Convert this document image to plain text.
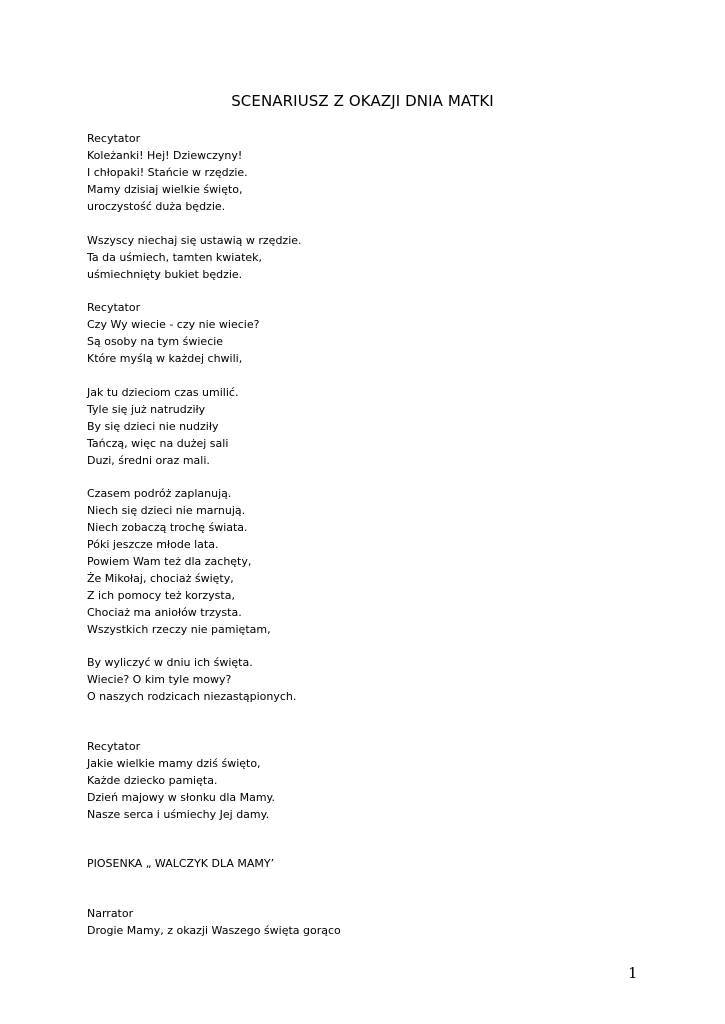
SCENARIUSZ Z OKAZJI DNIA MATKI
Recytator
Koleżanki! Hej! Dziewczyny!
I chłopaki! Stańcie w rzędzie.
Mamy dzisiaj wielkie święto,
uroczystość duża będzie.
Wszyscy niechaj się ustawią w rzędzie.
Ta da uśmiech, tamten kwiatek,
uśmiechnięty bukiet będzie.
Recytator
Czy Wy wiecie - czy nie wiecie?
Są osoby na tym świecie
Które myślą w każdej chwili,
Jak tu dzieciom czas umilić.
Tyle się już natrudziły
By się dzieci nie nudziły
Tańczą, więc na dużej sali
Duzi, średni oraz mali.
Czasem podróż zaplanują.
Niech się dzieci nie marnują.
Niech zobaczą trochę świata.
Póki jeszcze młode lata.
Powiem Wam też dla zachęty,
Że Mikołaj, chociaż święty,
Z ich pomocy też korzysta,
Chociaż ma aniołów trzysta.
Wszystkich rzeczy nie pamiętam,
By wyliczyć w dniu ich święta.
Wiecie? O kim tyle mowy?
O naszych rodzicach niezastąpionych.
Recytator
Jakie wielkie mamy dziś święto,
Każde dziecko pamięta.
Dzień majowy w słonku dla Mamy.
Nasze serca i uśmiechy Jej damy.
PIOSENKA „ WALCZYK DLA MAMY’
Narrator
Drogie Mamy, z okazji Waszego święta gorąco
1
